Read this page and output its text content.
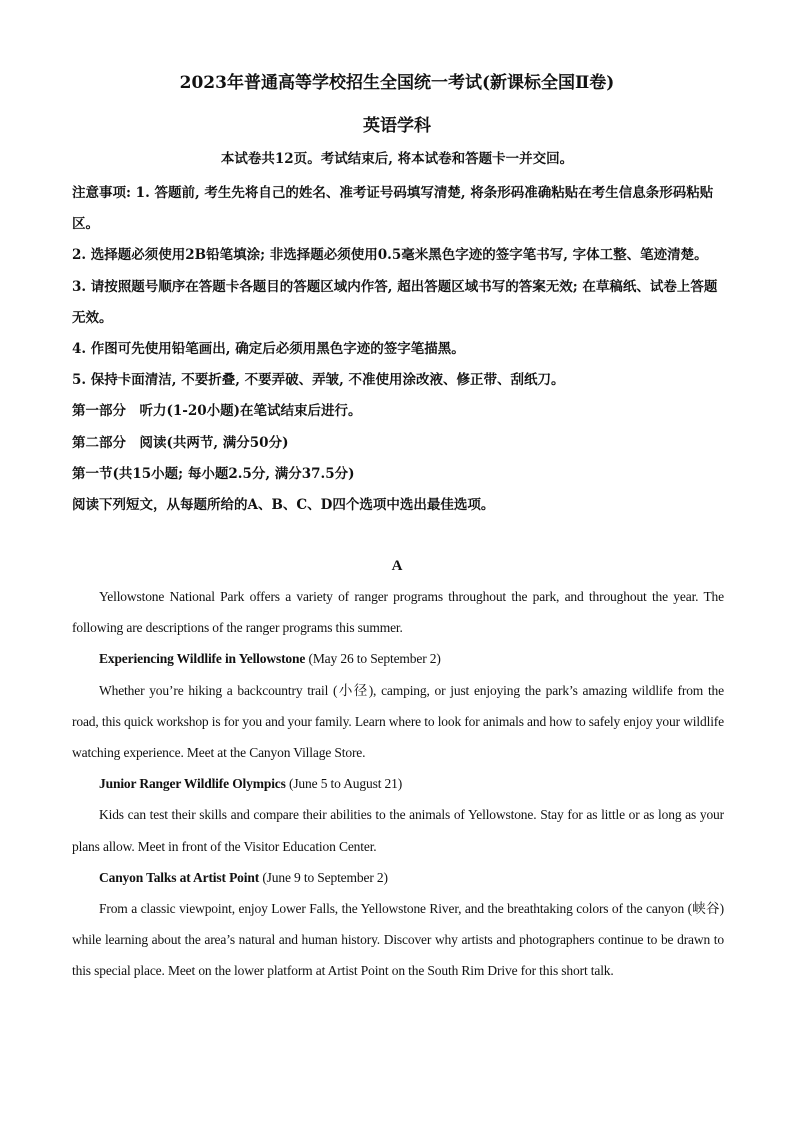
2023年普通高等学校招生全国统一考试(新课标全国Ⅱ卷)
英语学科
本试卷共12页。考试结束后, 将本试卷和答题卡一并交回。

注意事项: 1. 答题前, 考生先将自己的姓名、准考证号码填写清楚, 将条形码准确粘贴在考生信息条形码粘贴区。

2. 选择题必须使用2B铅笔填涂; 非选择题必须使用0.5毫米黑色字迹的签字笔书写, 字体工整、笔迹清楚。

3. 请按照题号顺序在答题卡各题目的答题区域内作答, 超出答题区域书写的答案无效; 在草稿纸、试卷上答题无效。

4. 作图可先使用铅笔画出, 确定后必须用黑色字迹的签字笔描黑。

5. 保持卡面清洁, 不要折叠, 不要弄破、弄皱, 不准使用涂改液、修正带、刮纸刀。

第一部分　听力(1-20小题)在笔试结束后进行。

第二部分　阅读(共两节, 满分50分)

第一节(共15小题; 每小题2.5分, 满分37.5分)

阅读下列短文，从每题所给的A、B、C、D四个选项中选出最佳选项。

A

Yellowstone National Park offers a variety of ranger programs throughout the park, and throughout the year. The following are descriptions of the ranger programs this summer.

Experiencing Wildlife in Yellowstone (May 26 to September 2)

Whether you’re hiking a backcountry trail (小径), camping, or just enjoying the park’s amazing wildlife from the road, this quick workshop is for you and your family. Learn where to look for animals and how to safely enjoy your wildlife watching experience. Meet at the Canyon Village Store.

Junior Ranger Wildlife Olympics (June 5 to August 21)

Kids can test their skills and compare their abilities to the animals of Yellowstone. Stay for as little or as long as your plans allow. Meet in front of the Visitor Education Center.

Canyon Talks at Artist Point (June 9 to September 2)

From a classic viewpoint, enjoy Lower Falls, the Yellowstone River, and the breathtaking colors of the canyon (峡谷) while learning about the area’s natural and human history. Discover why artists and photographers continue to be drawn to this special place. Meet on the lower platform at Artist Point on the South Rim Drive for this short talk.
